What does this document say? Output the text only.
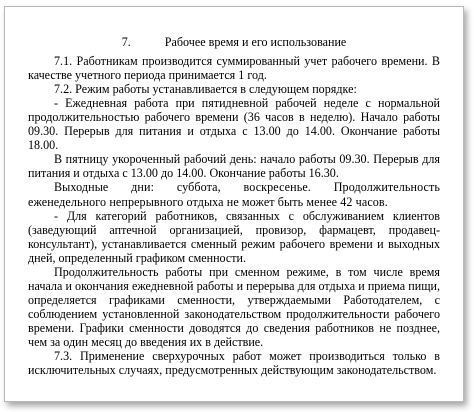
7.	Рабочее время и его использование

7.1. Работникам производится суммированный учет рабочего времени. В качестве учетного периода принимается 1 год.

7.2. Режим работы устанавливается в следующем порядке:

- Ежедневная работа при пятидневной рабочей неделе с нормальной продолжительностью рабочего времени (36 часов в неделю). Начало работы 09.30. Перерыв для питания и отдыха с 13.00 до 14.00. Окончание работы 18.00.

В пятницу укороченный рабочий день: начало работы 09.30. Перерыв для питания и отдыха с 13.00 до 14.00. Окончание работы 16.30.

Выходные дни: суббота, воскресенье. Продолжительность еженедельного непрерывного отдыха не может быть менее 42 часов.

- Для категорий работников, связанных с обслуживанием клиентов (заведующий аптечной организацией, провизор, фармацевт, продавец-консультант), устанавливается сменный режим рабочего времени и выходных дней, определенный графиком сменности.

Продолжительность работы при сменном режиме, в том числе время начала и окончания ежедневной работы и перерыва для отдыха и приема пищи, определяется графиками сменности, утверждаемыми Работодателем, с соблюдением установленной законодательством продолжительности рабочего времени. Графики сменности доводятся до сведения работников не позднее, чем за один месяц до введения их в действие.

7.3. Применение сверхурочных работ может производиться только в исключительных случаях, предусмотренных действующим законодательством.
